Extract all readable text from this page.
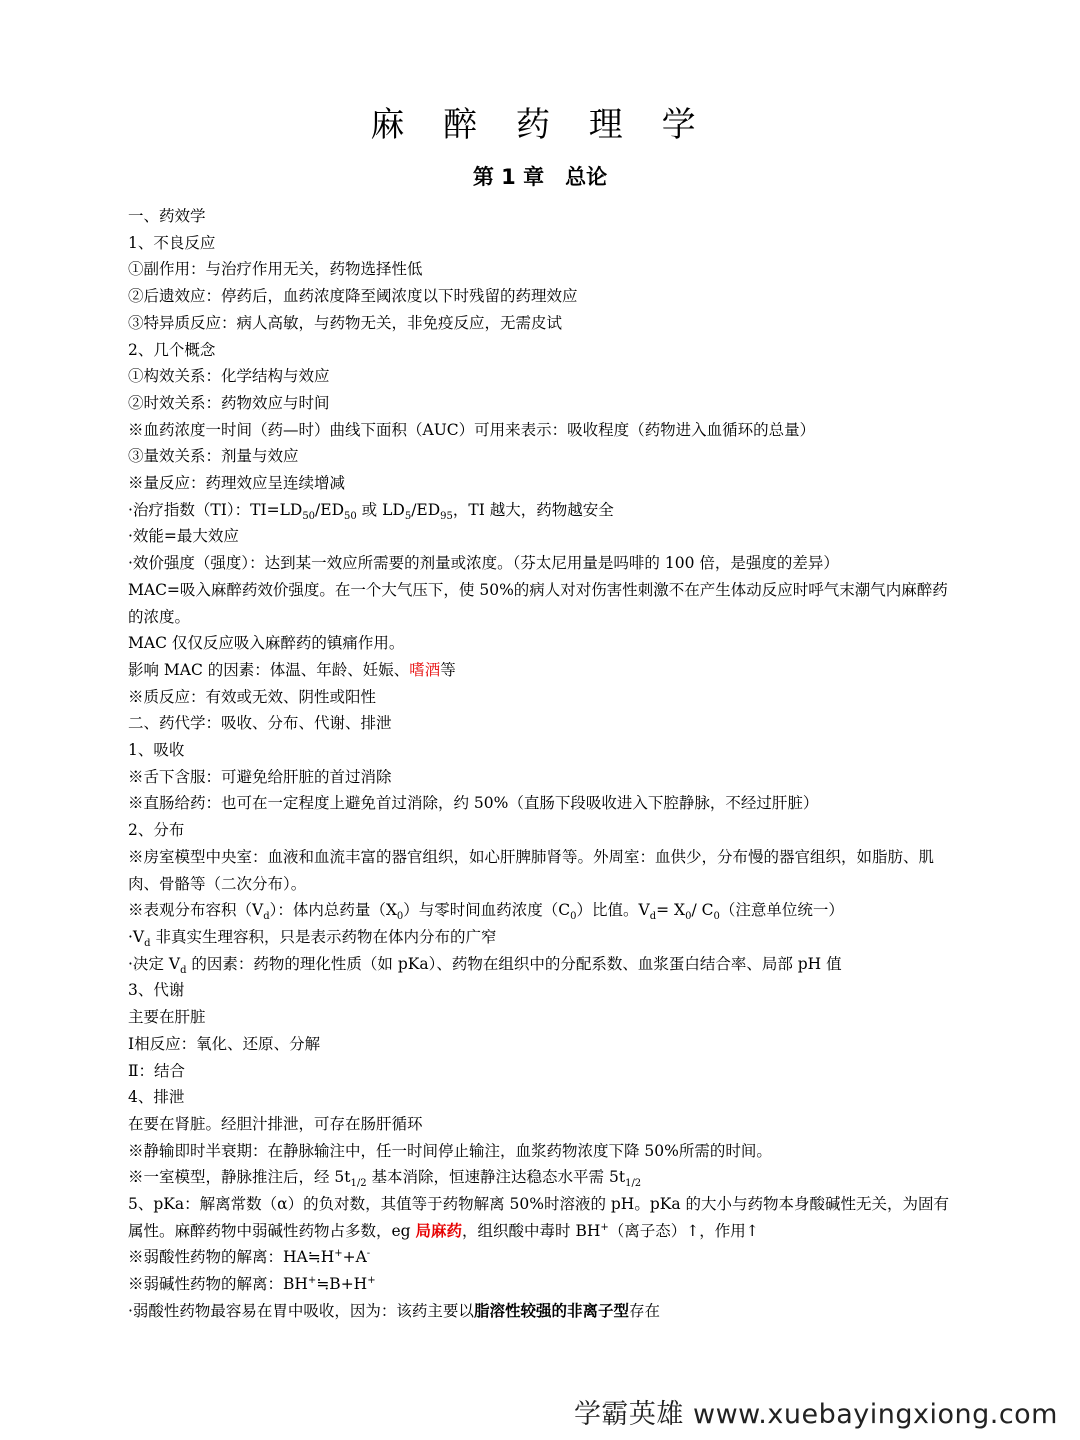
麻 醉 药 理 学
第 1 章　总论
一、药效学
1、不良反应
①副作用：与治疗作用无关，药物选择性低
②后遗效应：停药后，血药浓度降至阈浓度以下时残留的药理效应
③特异质反应：病人高敏，与药物无关，非免疫反应，无需皮试
2、几个概念
①构效关系：化学结构与效应
②时效关系：药物效应与时间
※血药浓度一时间（药—时）曲线下面积（AUC）可用来表示：吸收程度（药物进入血循环的总量）
③量效关系：剂量与效应
※量反应：药理效应呈连续增减
·治疗指数（TI）：$TI=LD_{50}/ED_{50}$ 或 $LD_5/ED_{95}$，TI 越大，药物越安全
·效能=最大效应
·效价强度（强度）：达到某一效应所需要的剂量或浓度。（芬太尼用量是吗啡的 100 倍，是强度的差异）
MAC=吸入麻醉药效价强度。在一个大气压下，使 50%的病人对对伤害性刺激不在产生体动反应时呼气末潮气内麻醉药的浓度。
MAC 仅仅反应吸入麻醉药的镇痛作用。
影响 MAC 的因素：体温、年龄、妊娠、嗜酒等
※质反应：有效或无效、阴性或阳性
二、药代学：吸收、分布、代谢、排泄
1、吸收
※舌下含服：可避免给肝脏的首过消除
※直肠给药：也可在一定程度上避免首过消除，约 50%（直肠下段吸收进入下腔静脉，不经过肝脏）
2、分布
※房室模型中央室：血液和血流丰富的器官组织，如心肝脾肺肾等。外周室：血供少，分布慢的器官组织，如脂肪、肌肉、骨骼等（二次分布）。
※表观分布容积$(V_d)$：体内总药量$(X_0)$与零时间血药浓度$(C_0)$比值。$V_d= X_0/$ $C_0$（注意单位统一）
$\cdot V_d$ 非真实生理容积，只是表示药物在体内分布的广窄
·决定 $V_d$ 的因素：药物的理化性质（如 pKa）、药物在组织中的分配系数、血浆蛋白结合率、局部 pH 值
3、代谢
主要在肝脏
Ⅰ相反应：氧化、还原、分解
Ⅱ：结合
4、排泄
在要在肾脏。经胆汁排泄，可存在肠肝循环
※静输即时半衰期：在静脉输注中，任一时间停止输注，血浆药物浓度下降 50%所需的时间。
※一室模型，静脉推注后，经 $5t_{1/2}$ 基本消除，恒速静注达稳态水平需 $5t_{1/2}$
5、pKa：解离常数（α）的负对数，其值等于药物解离 50%时溶液的 pH。pKa 的大小与药物本身酸碱性无关，为固有属性。麻醉药物中弱碱性药物占多数，eg 局麻药，组织酸中毒时 BH+（离子态）↑，作用↑
※弱酸性药物的解离：HA≒H++A-
※弱碱性药物的解离：BH+≒B+H+
·弱酸性药物最容易在胃中吸收，因为：该药主要以脂溶性较强的非离子型存在
学霸英雄 www.xuebayingxiong.com
